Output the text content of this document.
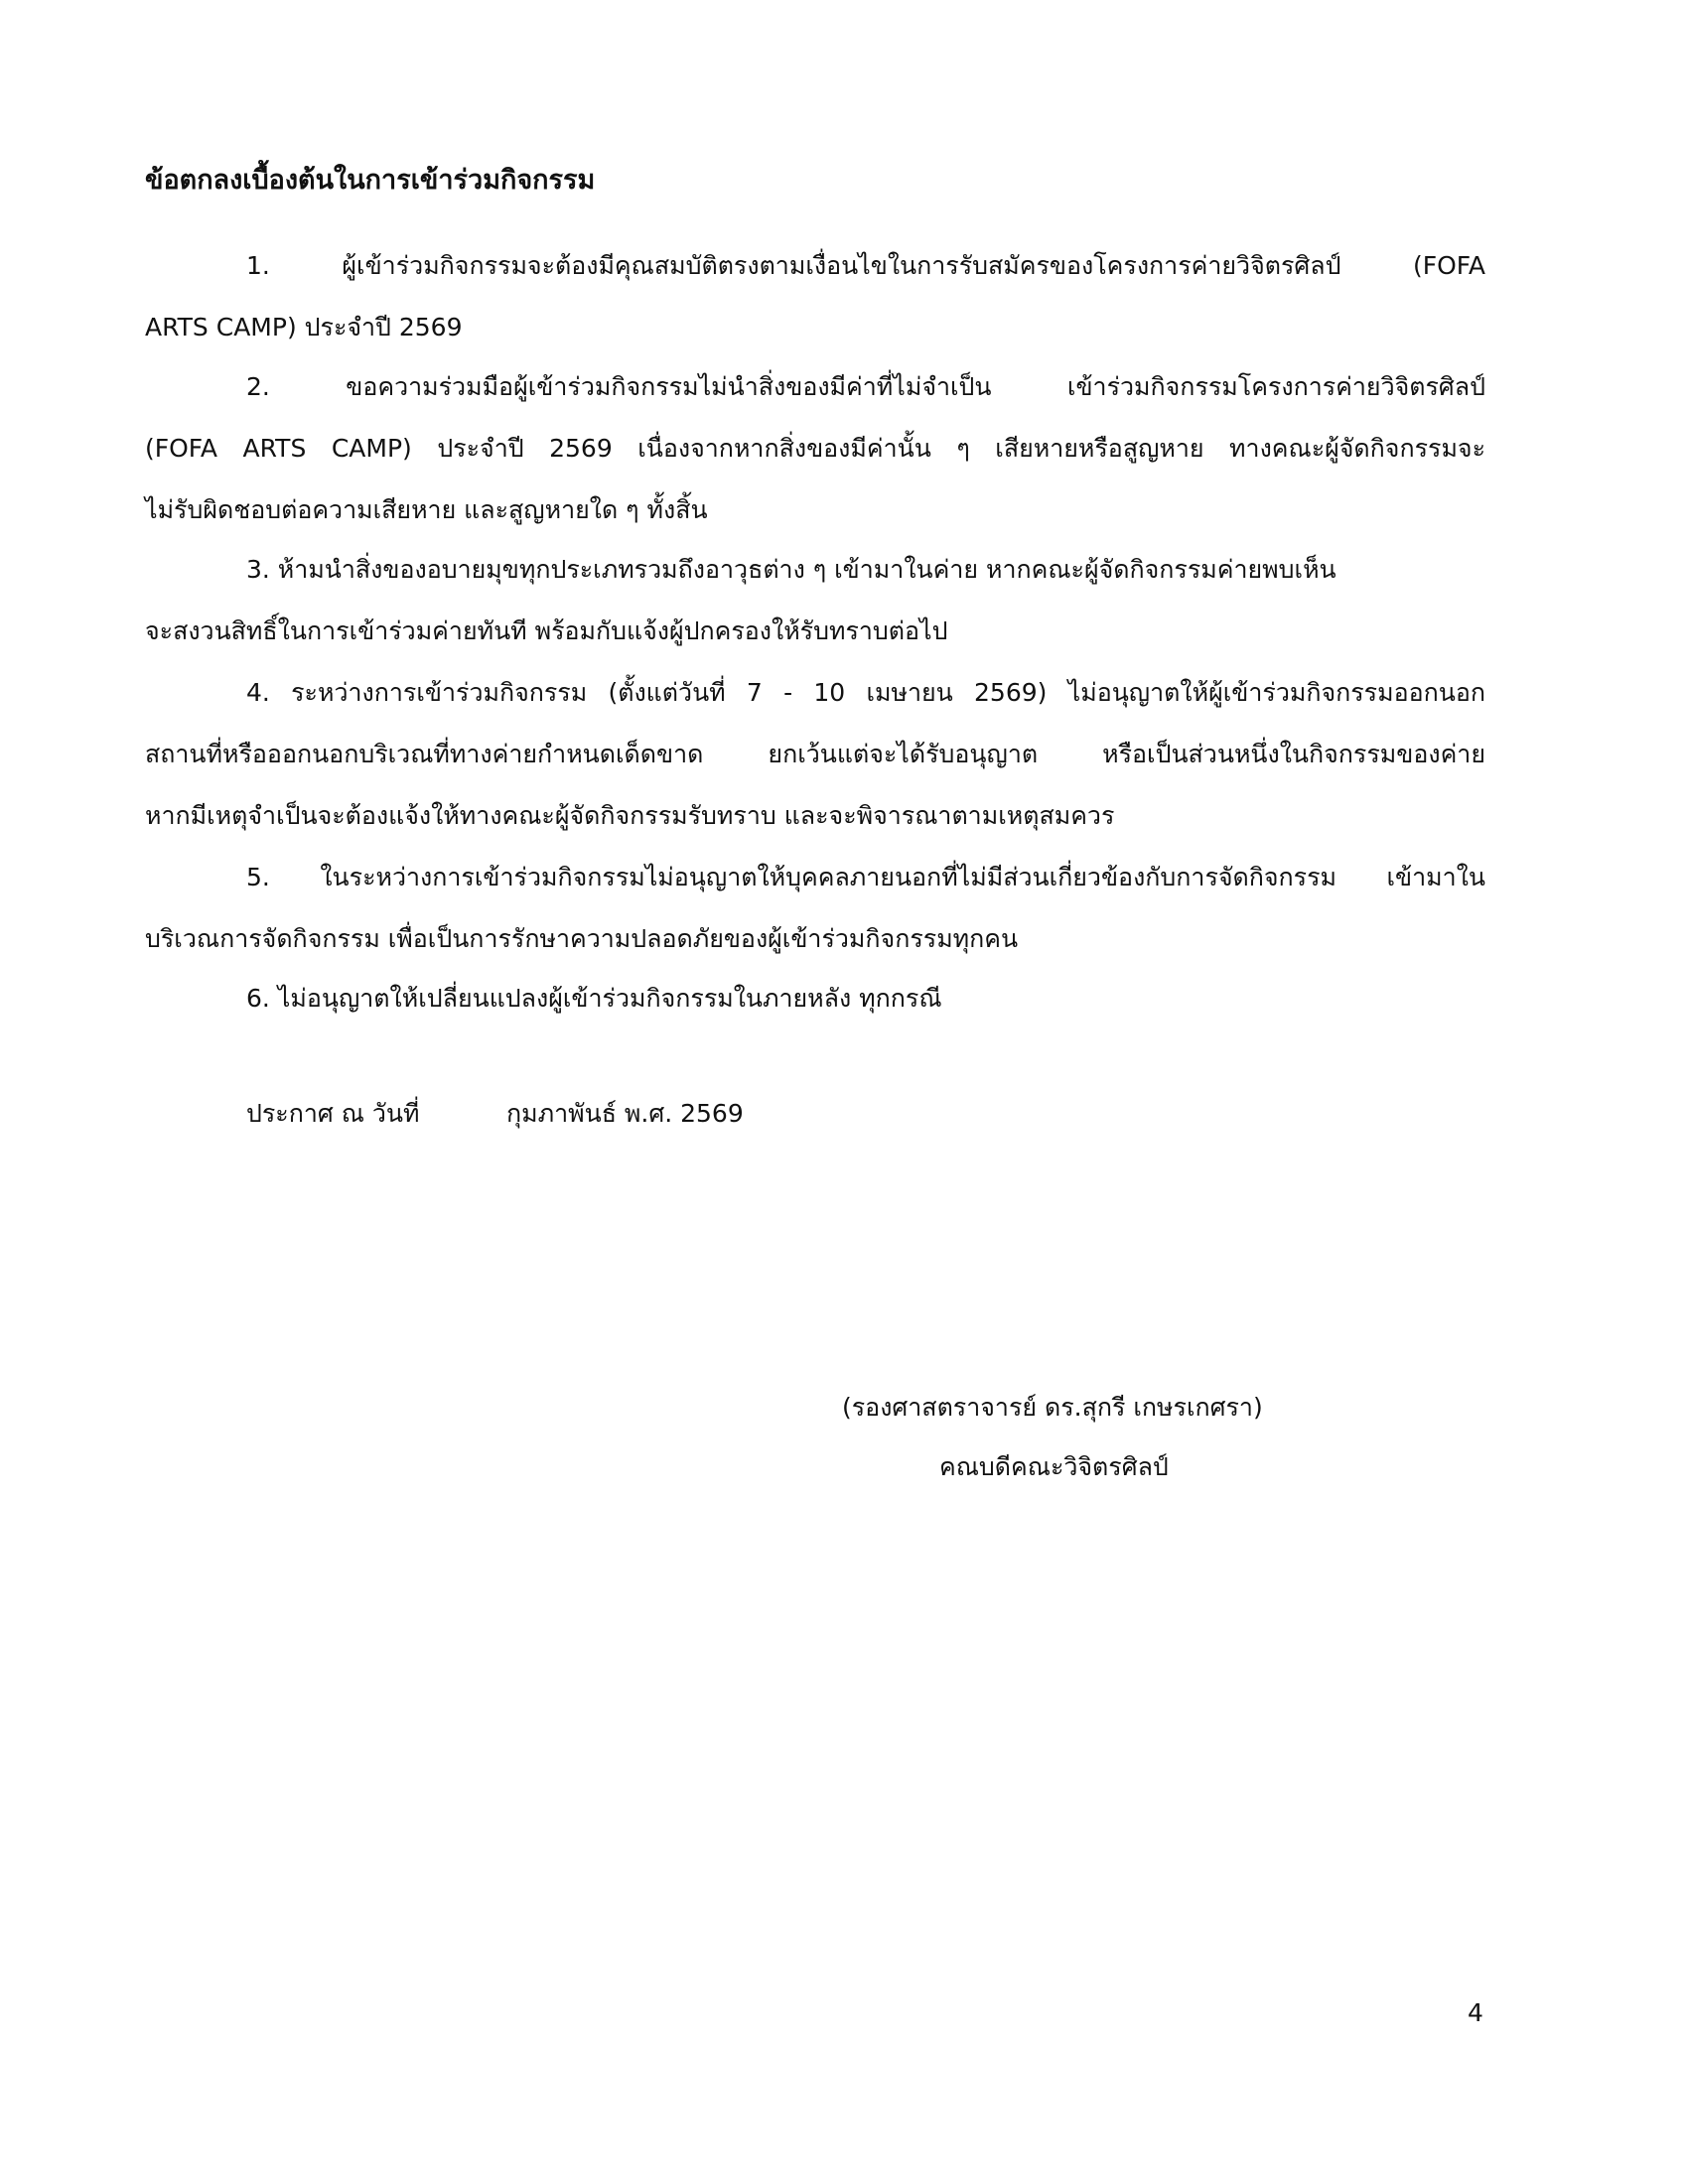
ข้อตกลงเบื้องต้นในการเข้าร่วมกิจกรรม
1. ผู้เข้าร่วมกิจกรรมจะต้องมีคุณสมบัติตรงตามเงื่อนไขในการรับสมัครของโครงการค่ายวิจิตรศิลป์ (FOFA
ARTS CAMP) ประจำปี 2569
2. ขอความร่วมมือผู้เข้าร่วมกิจกรรมไม่นำสิ่งของมีค่าที่ไม่จำเป็น เข้าร่วมกิจกรรมโครงการค่ายวิจิตรศิลป์
(FOFA ARTS CAMP) ประจำปี 2569 เนื่องจากหากสิ่งของมีค่านั้น ๆ เสียหายหรือสูญหาย ทางคณะผู้จัดกิจกรรมจะ
ไม่รับผิดชอบต่อความเสียหาย และสูญหายใด ๆ ทั้งสิ้น
3. ห้ามนำสิ่งของอบายมุขทุกประเภทรวมถึงอาวุธต่าง ๆ เข้ามาในค่าย หากคณะผู้จัดกิจกรรมค่ายพบเห็น
จะสงวนสิทธิ์ในการเข้าร่วมค่ายทันที พร้อมกับแจ้งผู้ปกครองให้รับทราบต่อไป
4. ระหว่างการเข้าร่วมกิจกรรม (ตั้งแต่วันที่ 7 - 10 เมษายน 2569) ไม่อนุญาตให้ผู้เข้าร่วมกิจกรรมออกนอก
สถานที่หรือออกนอกบริเวณที่ทางค่ายกำหนดเด็ดขาด ยกเว้นแต่จะได้รับอนุญาต หรือเป็นส่วนหนึ่งในกิจกรรมของค่าย
หากมีเหตุจำเป็นจะต้องแจ้งให้ทางคณะผู้จัดกิจกรรมรับทราบ และจะพิจารณาตามเหตุสมควร
5. ในระหว่างการเข้าร่วมกิจกรรมไม่อนุญาตให้บุคคลภายนอกที่ไม่มีส่วนเกี่ยวข้องกับการจัดกิจกรรม เข้ามาใน
บริเวณการจัดกิจกรรม เพื่อเป็นการรักษาความปลอดภัยของผู้เข้าร่วมกิจกรรมทุกคน
6. ไม่อนุญาตให้เปลี่ยนแปลงผู้เข้าร่วมกิจกรรมในภายหลัง ทุกกรณี
ประกาศ ณ วันที่	กุมภาพันธ์ พ.ศ. 2569
(รองศาสตราจารย์ ดร.สุกรี เกษรเกศรา)
คณบดีคณะวิจิตรศิลป์
4
